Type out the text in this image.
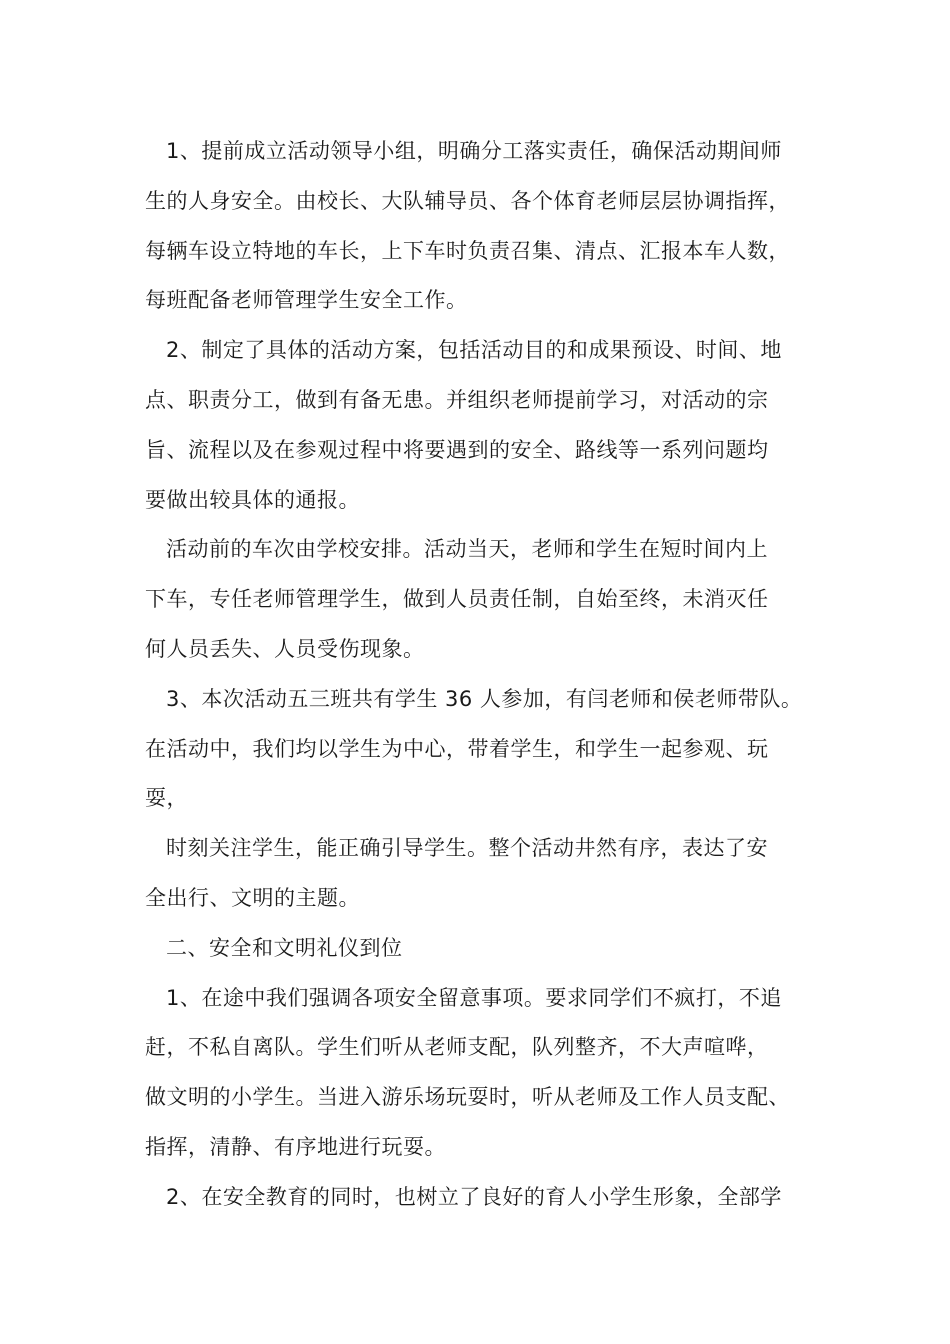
1、提前成立活动领导小组，明确分工落实责任，确保活动期间师
生的人身安全。由校长、大队辅导员、各个体育老师层层协调指挥，
每辆车设立特地的车长，上下车时负责召集、清点、汇报本车人数，
每班配备老师管理学生安全工作。
2、制定了具体的活动方案，包括活动目的和成果预设、时间、地
点、职责分工，做到有备无患。并组织老师提前学习，对活动的宗
旨、流程以及在参观过程中将要遇到的安全、路线等一系列问题均
要做出较具体的通报。
活动前的车次由学校安排。活动当天，老师和学生在短时间内上
下车，专任老师管理学生，做到人员责任制，自始至终，未消灭任
何人员丢失、人员受伤现象。
3、本次活动五三班共有学生 36 人参加，有闫老师和侯老师带队。
在活动中，我们均以学生为中心，带着学生，和学生一起参观、玩
耍，
时刻关注学生，能正确引导学生。整个活动井然有序，表达了安
全出行、文明的主题。
二、安全和文明礼仪到位
1、在途中我们强调各项安全留意事项。要求同学们不疯打，不追
赶，不私自离队。学生们听从老师支配，队列整齐，不大声喧哗，
做文明的小学生。当进入游乐场玩耍时，听从老师及工作人员支配、
指挥，清静、有序地进行玩耍。
2、在安全教育的同时，也树立了良好的育人小学生形象，全部学
